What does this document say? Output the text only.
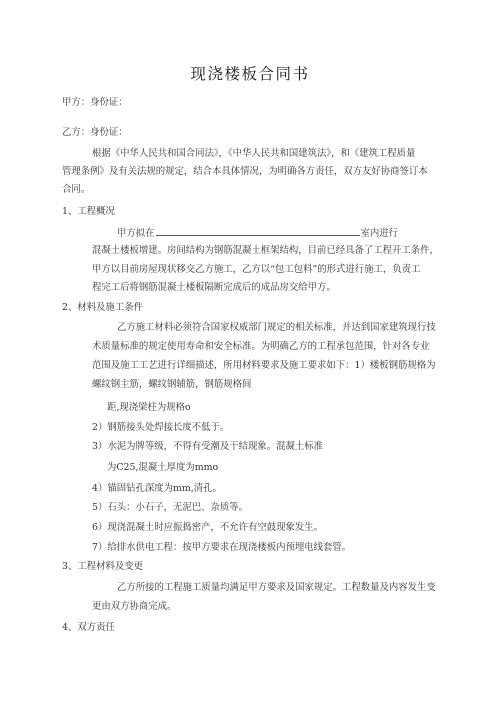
现浇楼板合同书
甲方：身份证：
乙方：身份证：
根据《中华人民共和国合同法》，《中华人民共和国建筑法》，和《建筑工程质量
管理条例》及有关法规的规定，结合本具体情况，为明确各方责任，双方友好协商签订本
合同。
1、工程概况
甲方拟在	室内进行
混凝土楼板增建。房间结构为钢筋混凝土框架结构，目前已经具备了工程开工条件，
甲方以目前房屋现状移交乙方施工，乙方以“包工包料”的形式进行施工，负责工
程完工后将钢筋混凝土楼板隔断完成后的成品房交给甲方。
2、材料及施工条件
乙方施工材料必须符合国家权威部门规定的相关标准，并达到国家建筑现行技
术质量标准的规定使用寿命和安全标准。为明确乙方的工程承包范围，针对各专业
范围及施工工艺进行详细描述，所用材料要求及施工要求如下：1）楼板钢筋规格为
螺纹钢主筋，螺纹钢辅筋，钢筋规格间
距,现浇梁柱为规格o
2）钢筋接头处焊接长度不低于。
3）水泥为牌等级，不得有受潮及干结现象。混凝土标准
为C25,混凝土厚度为mmo
4）锚固钻孔深度为mm,清孔。
5）石头：小石子，无泥巴、杂质等。
6）现浇混凝土时应振捣密产，不允许有空鼓现象发生。
7）给排水供电工程：按甲方要求在现浇楼板内预埋电线套管。
3、工程材料及变更
乙方所接的工程施工质量均满足甲方要求及国家规定。工程数量及内容发生变
更由双方协商完成。
4、双方责任
